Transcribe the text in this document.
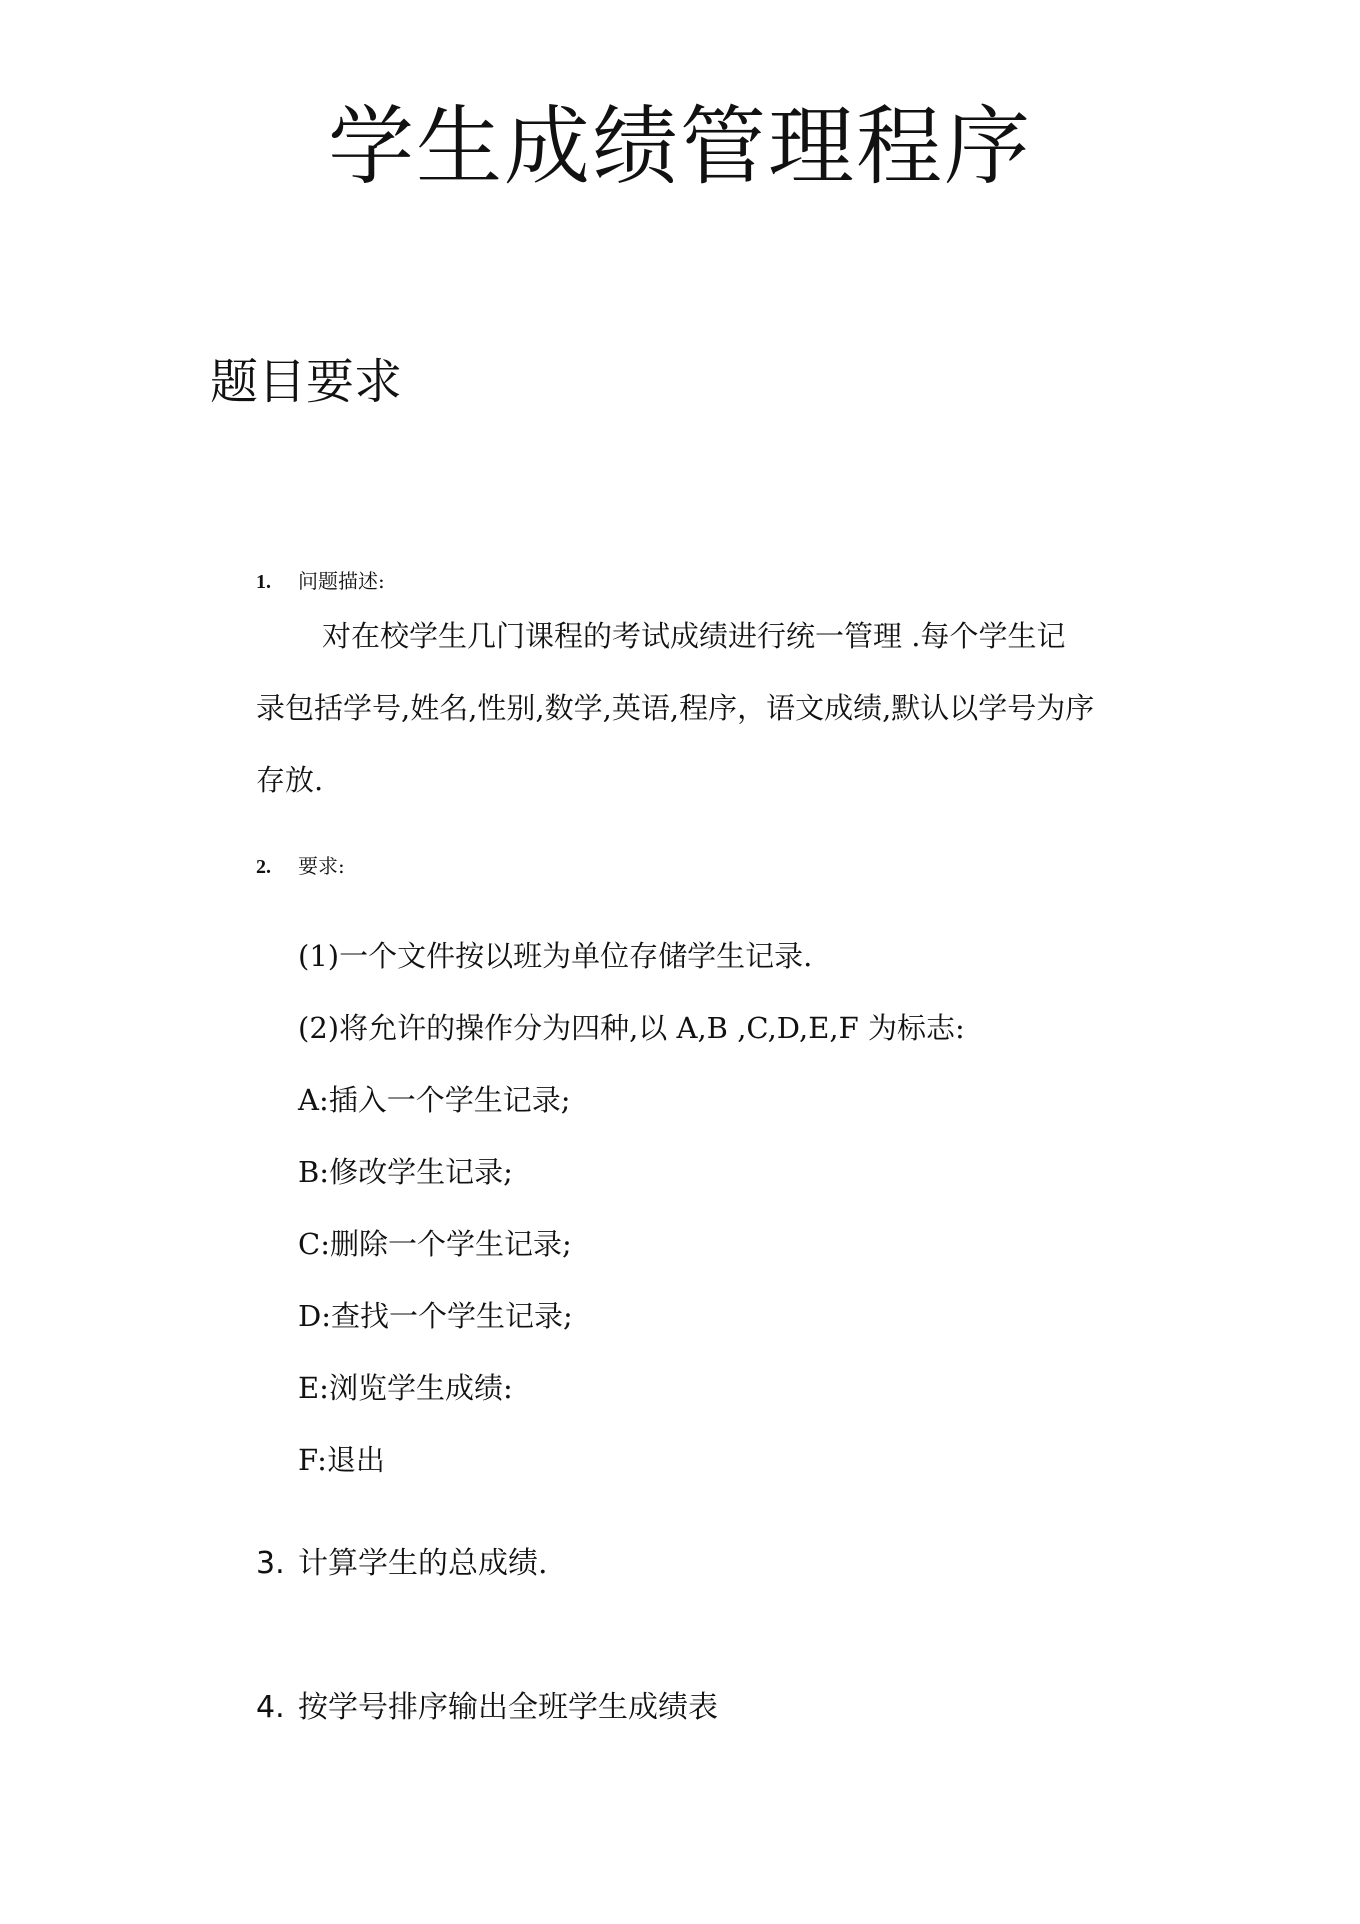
学生成绩管理程序
题目要求
1. 问题描述:
对在校学生几门课程的考试成绩进行统一管理 .每个学生记
录包括学号,姓名,性别,数学,英语,程序，语文成绩,默认以学号为序
存放.
2. 要求:
(1)一个文件按以班为单位存储学生记录.
(2)将允许的操作分为四种,以 A,B ,C,D,E,F 为标志:
A:插入一个学生记录;
B:修改学生记录;
C:删除一个学生记录;
D:查找一个学生记录;
E:浏览学生成绩:
F:退出
3. 计算学生的总成绩.
4. 按学号排序输出全班学生成绩表
